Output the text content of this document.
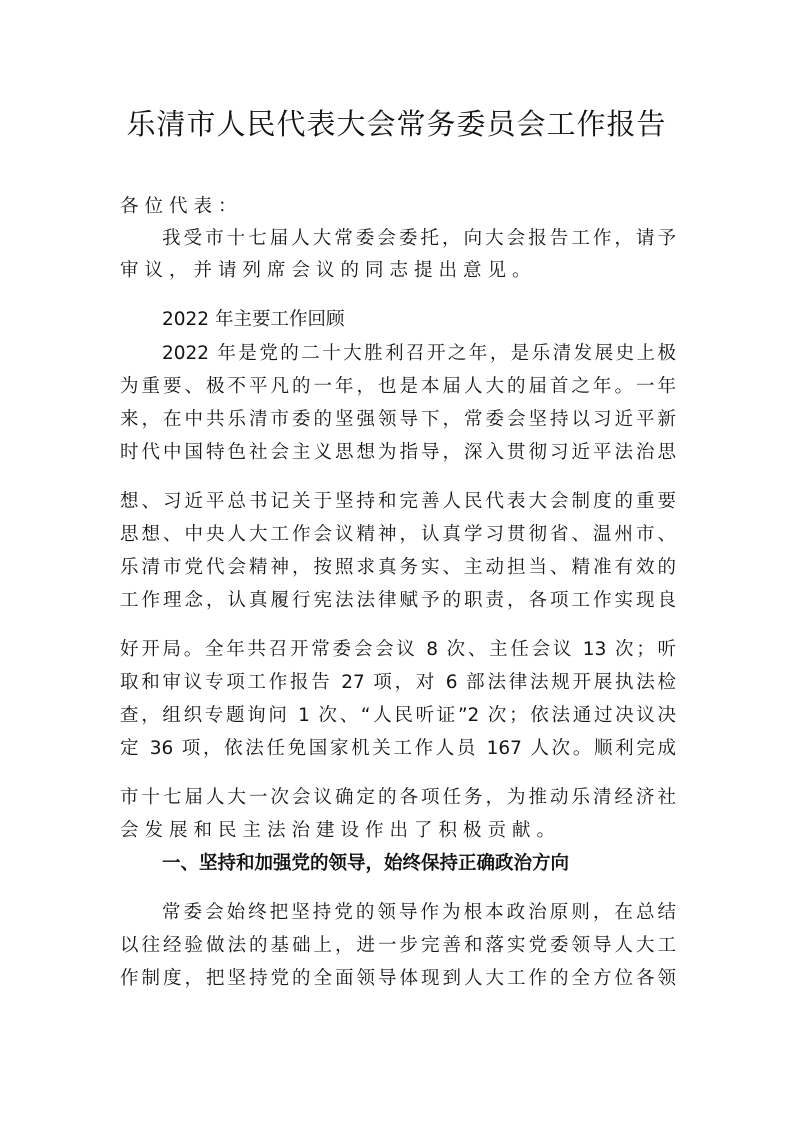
乐清市人民代表大会常务委员会工作报告
各位代表：
我受市十七届人大常委会委托，向大会报告工作，请予
审议，并请列席会议的同志提出意见。
2022 年主要工作回顾
2022 年是党的二十大胜利召开之年，是乐清发展史上极
为重要、极不平凡的一年，也是本届人大的届首之年。一年
来，在中共乐清市委的坚强领导下，常委会坚持以习近平新
时代中国特色社会主义思想为指导，深入贯彻习近平法治思
想、习近平总书记关于坚持和完善人民代表大会制度的重要
思想、中央人大工作会议精神，认真学习贯彻省、温州市、
乐清市党代会精神，按照求真务实、主动担当、精准有效的
工作理念，认真履行宪法法律赋予的职责，各项工作实现良
好开局。全年共召开常委会会议 8 次、主任会议 13 次；听
取和审议专项工作报告 27 项，对 6 部法律法规开展执法检
查，组织专题询问 1 次、“人民听证”2 次；依法通过决议决
定 36 项，依法任免国家机关工作人员 167 人次。顺利完成
市十七届人大一次会议确定的各项任务，为推动乐清经济社
会发展和民主法治建设作出了积极贡献。
一、坚持和加强党的领导，始终保持正确政治方向
常委会始终把坚持党的领导作为根本政治原则，在总结
以往经验做法的基础上，进一步完善和落实党委领导人大工
作制度，把坚持党的全面领导体现到人大工作的全方位各领
